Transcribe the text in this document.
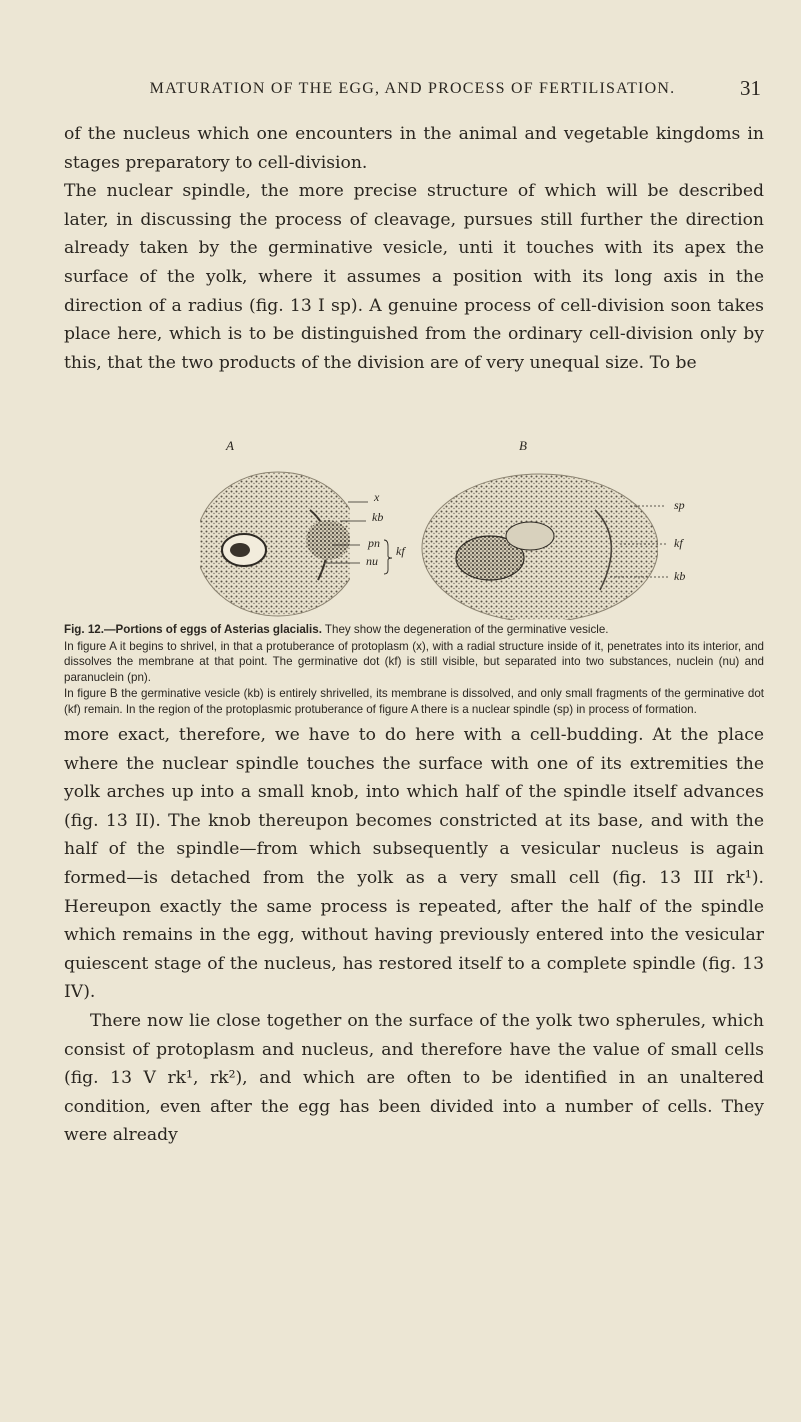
MATURATION OF THE EGG, AND PROCESS OF FERTILISATION.	31

of the nucleus which one encounters in the animal and vegetable kingdoms in stages preparatory to cell-division.

The nuclear spindle, the more precise structure of which will be described later, in discussing the process of cleavage, pursues still further the direction already taken by the germinative vesicle, unti it touches with its apex the surface of the yolk, where it assumes a position with its long axis in the direction of a radius (fig. 13 I sp). A genuine process of cell-division soon takes place here, which is to be distinguished from the ordinary cell-division only by this, that the two products of the division are of very unequal size. To be

A	B
x
kb
pn
nu
kf
sp
kf
kb

Fig. 12.—Portions of eggs of Asterias glacialis. They show the degeneration of the germinative vesicle.

In figure A it begins to shrivel, in that a protuberance of protoplasm (x), with a radial structure inside of it, penetrates into its interior, and dissolves the membrane at that point. The germinative dot (kf) is still visible, but separated into two substances, nuclein (nu) and paranuclein (pn).

In figure B the germinative vesicle (kb) is entirely shrivelled, its membrane is dissolved, and only small fragments of the germinative dot (kf) remain. In the region of the protoplasmic protuberance of figure A there is a nuclear spindle (sp) in process of formation.

more exact, therefore, we have to do here with a cell-budding. At the place where the nuclear spindle touches the surface with one of its extremities the yolk arches up into a small knob, into which half of the spindle itself advances (fig. 13 II). The knob thereupon becomes constricted at its base, and with the half of the spindle—from which subsequently a vesicular nucleus is again formed—is detached from the yolk as a very small cell (fig. 13 III rk¹). Hereupon exactly the same process is repeated, after the half of the spindle which remains in the egg, without having previously entered into the vesicular quiescent stage of the nucleus, has restored itself to a complete spindle (fig. 13 IV).

There now lie close together on the surface of the yolk two spherules, which consist of protoplasm and nucleus, and therefore have the value of small cells (fig. 13 V rk¹, rk²), and which are often to be identified in an unaltered condition, even after the egg has been divided into a number of cells. They were already
